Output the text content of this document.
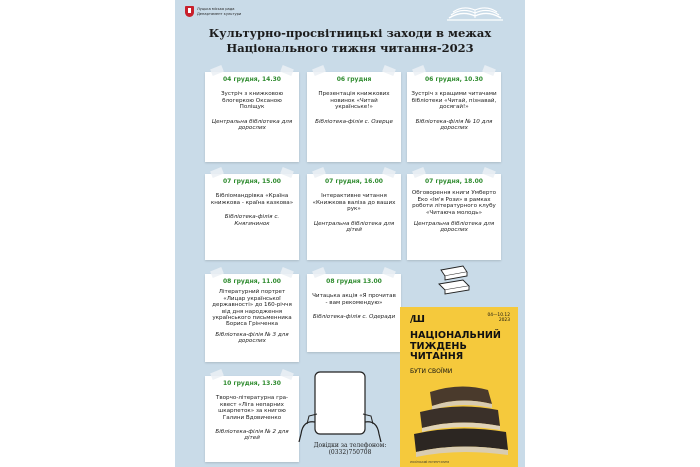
Луцька міська рада
Департамент культури
Культурно-просвітницькі заходи в межах
Національного тижня читання-2023
04 грудня, 14.30
Зустріч з книжковою блогеркою Оксаною Поліщук
Центральна бібліотека для дорослих
06 грудня
Презентація книжкових новинок «Читай українське!»
Бібліотека-філія с. Озерце
06 грудня, 10.30
Зустріч з кращими читачами бібліотеки «Читай, пізнавай, досягай!»
Бібліотека-філія № 10 для дорослих
07 грудня, 15.00
Бібліомандрівка «Країна книжкова - країна казкова»
Бібліотека-філія с. Княгининок
07 грудня, 16.00
Інтерактивне читання «Книжкова валіза до ваших рук»
Центральна бібліотека для дітей
07 грудня, 18.00
Обговорення книги Умберто Еко «Ім'я Рози» в рамках роботи літературного клубу «Читаюча молодь»
Центральна бібліотека для дорослих
08 грудня, 11.00
Літературний портрет «Лицар української державності» до 160-річчя від дня народження українського письменника Бориса Грінченка
Бібліотека-філія № 3 для дорослих
08 грудня 13.00
Читацька акція «Я прочитав - вам рекомендую»
Бібліотека-філія с. Одеради
10 грудня, 13.30
Творчо-літературна гра-квест «Ліга непарних шкарпеток» за книгою Галини Вдовиченко
Бібліотека-філія № 2 для дітей
Довідки за телефоном:
(0332)750708
/Ш	04—10.12
2023
НАЦІОНАЛЬНИЙ
ТИЖДЕНЬ
ЧИТАННЯ
БУТИ СВОЇМИ
УКРАЇНСЬКИЙ ІНСТИТУТ КНИГИ
